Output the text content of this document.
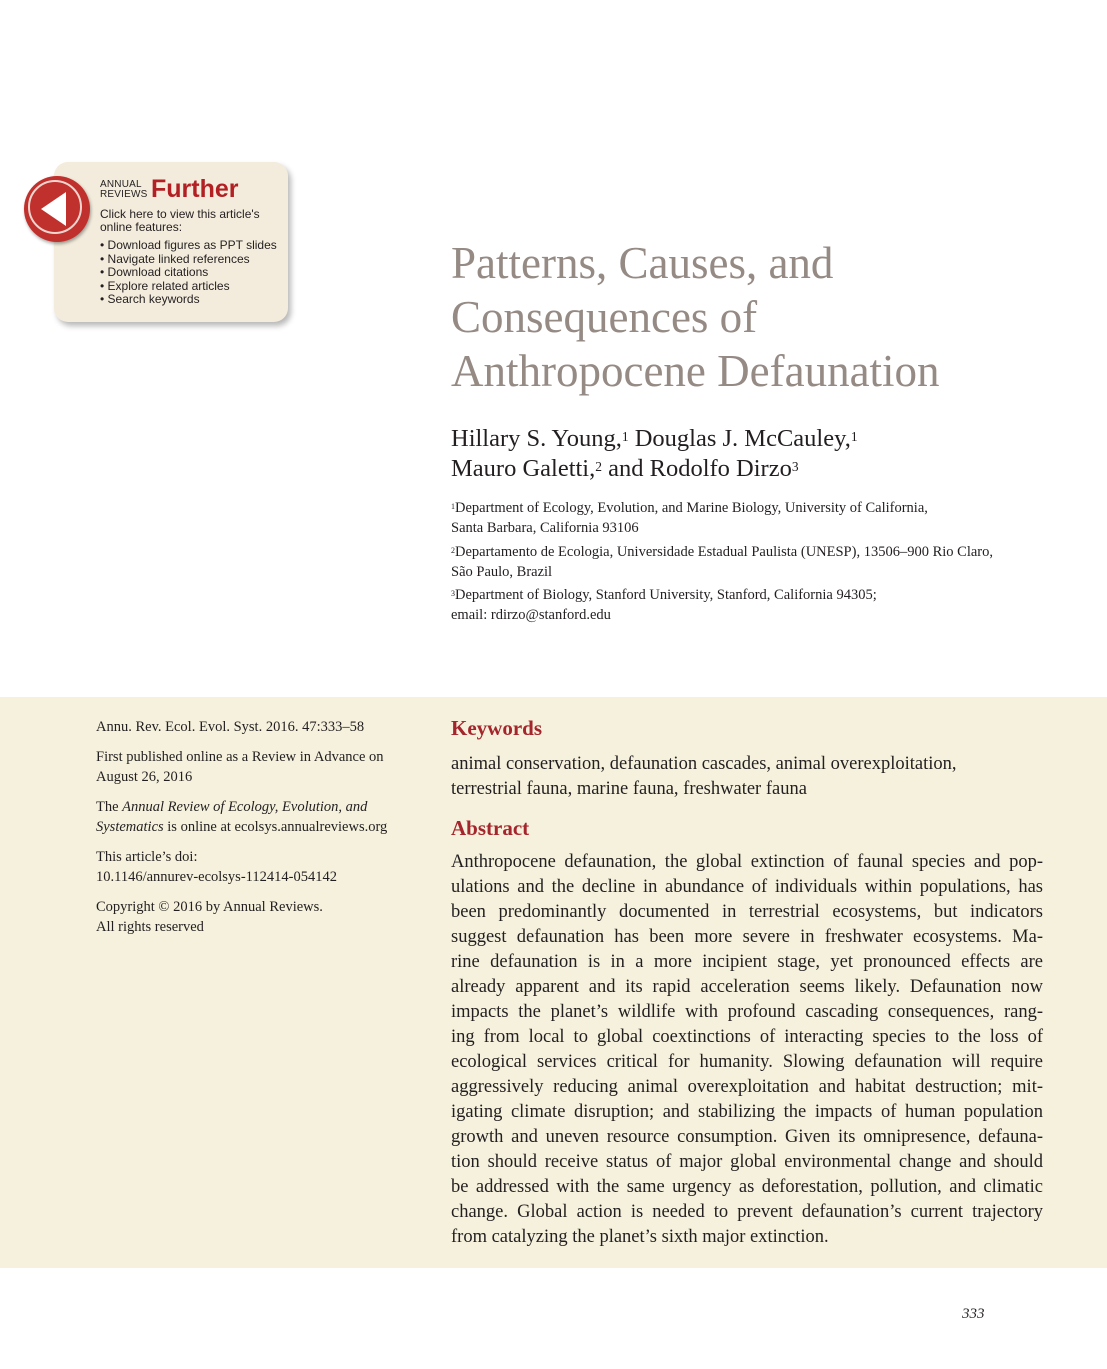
ANNUAL
REVIEWS Further
Click here to view this article's online features:
• Download figures as PPT slides
• Navigate linked references
• Download citations
• Explore related articles
• Search keywords
Patterns, Causes, and
Consequences of
Anthropocene Defaunation
Hillary S. Young,$^1$ Douglas J. McCauley,$^1$
Mauro Galetti,$^2$ and Rodolfo Dirzo$^3$
$^1$Department of Ecology, Evolution, and Marine Biology, University of California,
Santa Barbara, California 93106
$^2$Departamento de Ecologia, Universidade Estadual Paulista (UNESP), 13506–900 Rio Claro,
São Paulo, Brazil
$^3$Department of Biology, Stanford University, Stanford, California 94305;
email: rdirzo@stanford.edu
Annu. Rev. Ecol. Evol. Syst. 2016. 47:333–58
First published online as a Review in Advance on
August 26, 2016
The Annual Review of Ecology, Evolution, and
Systematics is online at ecolsys.annualreviews.org
This article’s doi:
10.1146/annurev-ecolsys-112414-054142
Copyright © 2016 by Annual Reviews.
All rights reserved
Keywords
animal conservation, defaunation cascades, animal overexploitation,
terrestrial fauna, marine fauna, freshwater fauna
Abstract
Anthropocene defaunation, the global extinction of faunal species and pop-
ulations and the decline in abundance of individuals within populations, has
been predominantly documented in terrestrial ecosystems, but indicators
suggest defaunation has been more severe in freshwater ecosystems. Ma-
rine defaunation is in a more incipient stage, yet pronounced effects are
already apparent and its rapid acceleration seems likely. Defaunation now
impacts the planet’s wildlife with profound cascading consequences, rang-
ing from local to global coextinctions of interacting species to the loss of
ecological services critical for humanity. Slowing defaunation will require
aggressively reducing animal overexploitation and habitat destruction; mit-
igating climate disruption; and stabilizing the impacts of human population
growth and uneven resource consumption. Given its omnipresence, defauna-
tion should receive status of major global environmental change and should
be addressed with the same urgency as deforestation, pollution, and climatic
change. Global action is needed to prevent defaunation’s current trajectory
from catalyzing the planet’s sixth major extinction.
333
